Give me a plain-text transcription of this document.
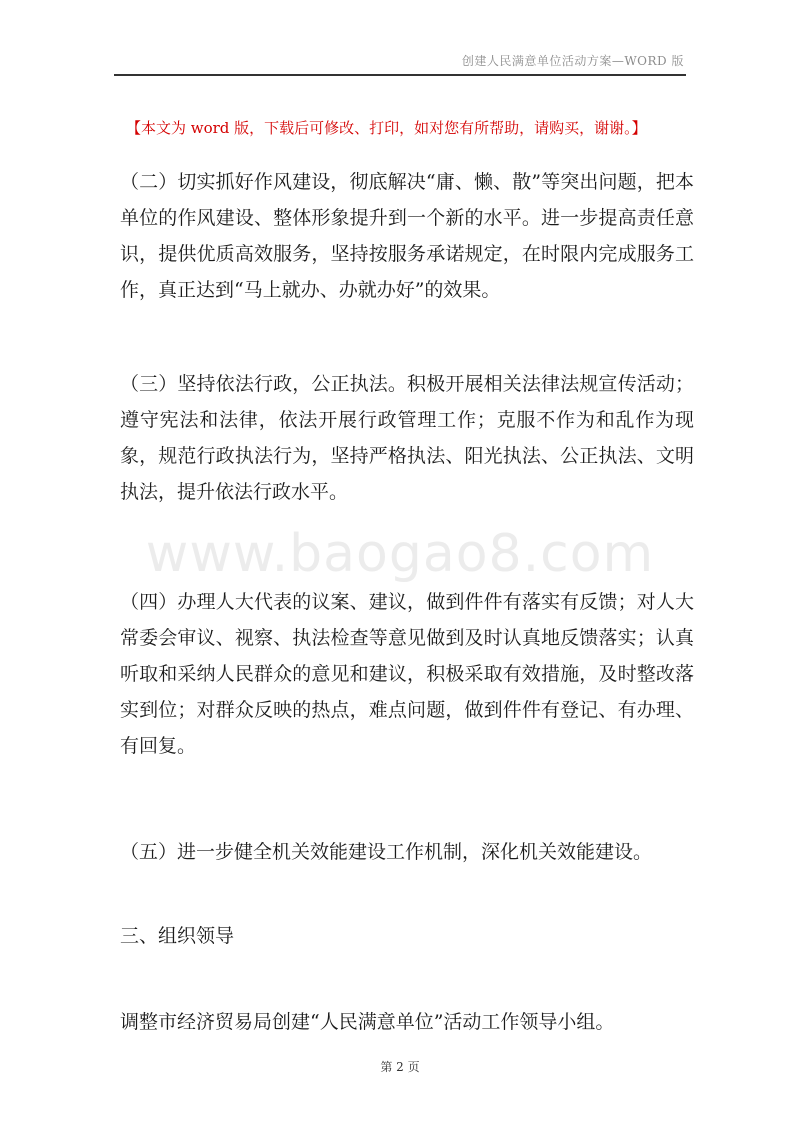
创建人民满意单位活动方案—WORD 版
【本文为 word 版，下载后可修改、打印，如对您有所帮助，请购买，谢谢。】

（二）切实抓好作风建设，彻底解决“庸、懒、散”等突出问题，把本单位的作风建设、整体形象提升到一个新的水平。进一步提高责任意识，提供优质高效服务，坚持按服务承诺规定，在时限内完成服务工作，真正达到“马上就办、办就办好”的效果。

（三）坚持依法行政，公正执法。积极开展相关法律法规宣传活动；遵守宪法和法律，依法开展行政管理工作；克服不作为和乱作为现象，规范行政执法行为，坚持严格执法、阳光执法、公正执法、文明执法，提升依法行政水平。

www.baogao8.com

（四）办理人大代表的议案、建议，做到件件有落实有反馈；对人大常委会审议、视察、执法检查等意见做到及时认真地反馈落实；认真听取和采纳人民群众的意见和建议，积极采取有效措施，及时整改落实到位；对群众反映的热点，难点问题，做到件件有登记、有办理、有回复。

（五）进一步健全机关效能建设工作机制，深化机关效能建设。

三、组织领导

调整市经济贸易局创建“人民满意单位”活动工作领导小组。

第 2 页
